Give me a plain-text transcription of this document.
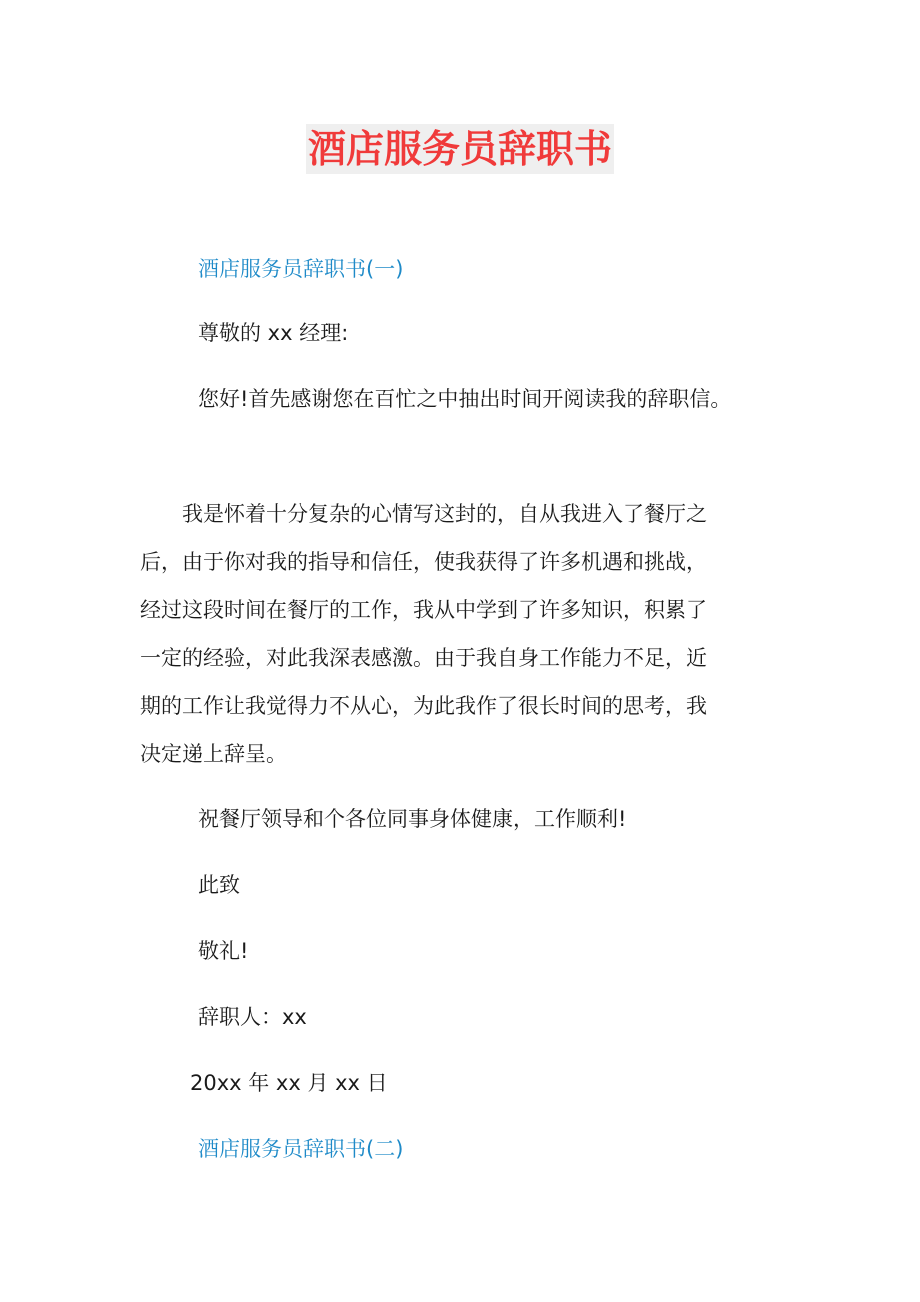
酒店服务员辞职书
酒店服务员辞职书(一)
尊敬的 xx 经理:
您好!首先感谢您在百忙之中抽出时间开阅读我的辞职信。
　　我是怀着十分复杂的心情写这封的，自从我进入了餐厅之
后，由于你对我的指导和信任，使我获得了许多机遇和挑战，
经过这段时间在餐厅的工作，我从中学到了许多知识，积累了
一定的经验，对此我深表感激。由于我自身工作能力不足，近
期的工作让我觉得力不从心，为此我作了很长时间的思考，我
决定递上辞呈。
祝餐厅领导和个各位同事身体健康，工作顺利!
此致
敬礼!
辞职人：xx
20xx 年 xx 月 xx 日
酒店服务员辞职书(二)
